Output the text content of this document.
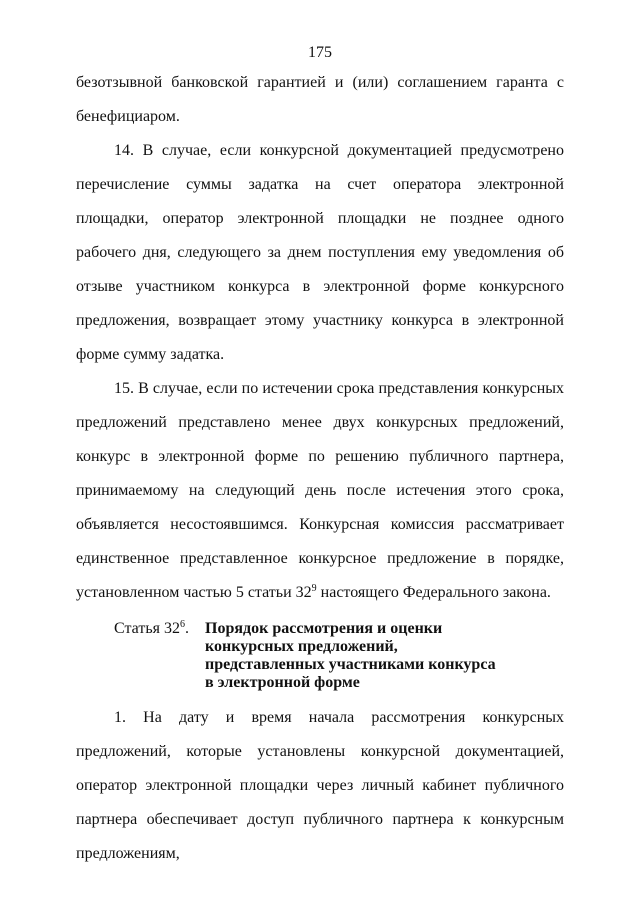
175

безотзывной банковской гарантией и (или) соглашением гаранта с бенефициаром.

14. В случае, если конкурсной документацией предусмотрено перечисление суммы задатка на счет оператора электронной площадки, оператор электронной площадки не позднее одного рабочего дня, следующего за днем поступления ему уведомления об отзыве участником конкурса в электронной форме конкурсного предложения, возвращает этому участнику конкурса в электронной форме сумму задатка.

15. В случае, если по истечении срока представления конкурсных предложений представлено менее двух конкурсных предложений, конкурс в электронной форме по решению публичного партнера, принимаемому на следующий день после истечения этого срока, объявляется несостоявшимся. Конкурсная комиссия рассматривает единственное представленное конкурсное предложение в порядке, установленном частью 5 статьи $32^9$ настоящего Федерального закона.

Статья $32^6$.	Порядок рассмотрения и оценки конкурсных предложений, представленных участниками конкурса в электронной форме

1. На дату и время начала рассмотрения конкурсных предложений, которые установлены конкурсной документацией, оператор электронной площадки через личный кабинет публичного партнера обеспечивает доступ публичного партнера к конкурсным предложениям,
